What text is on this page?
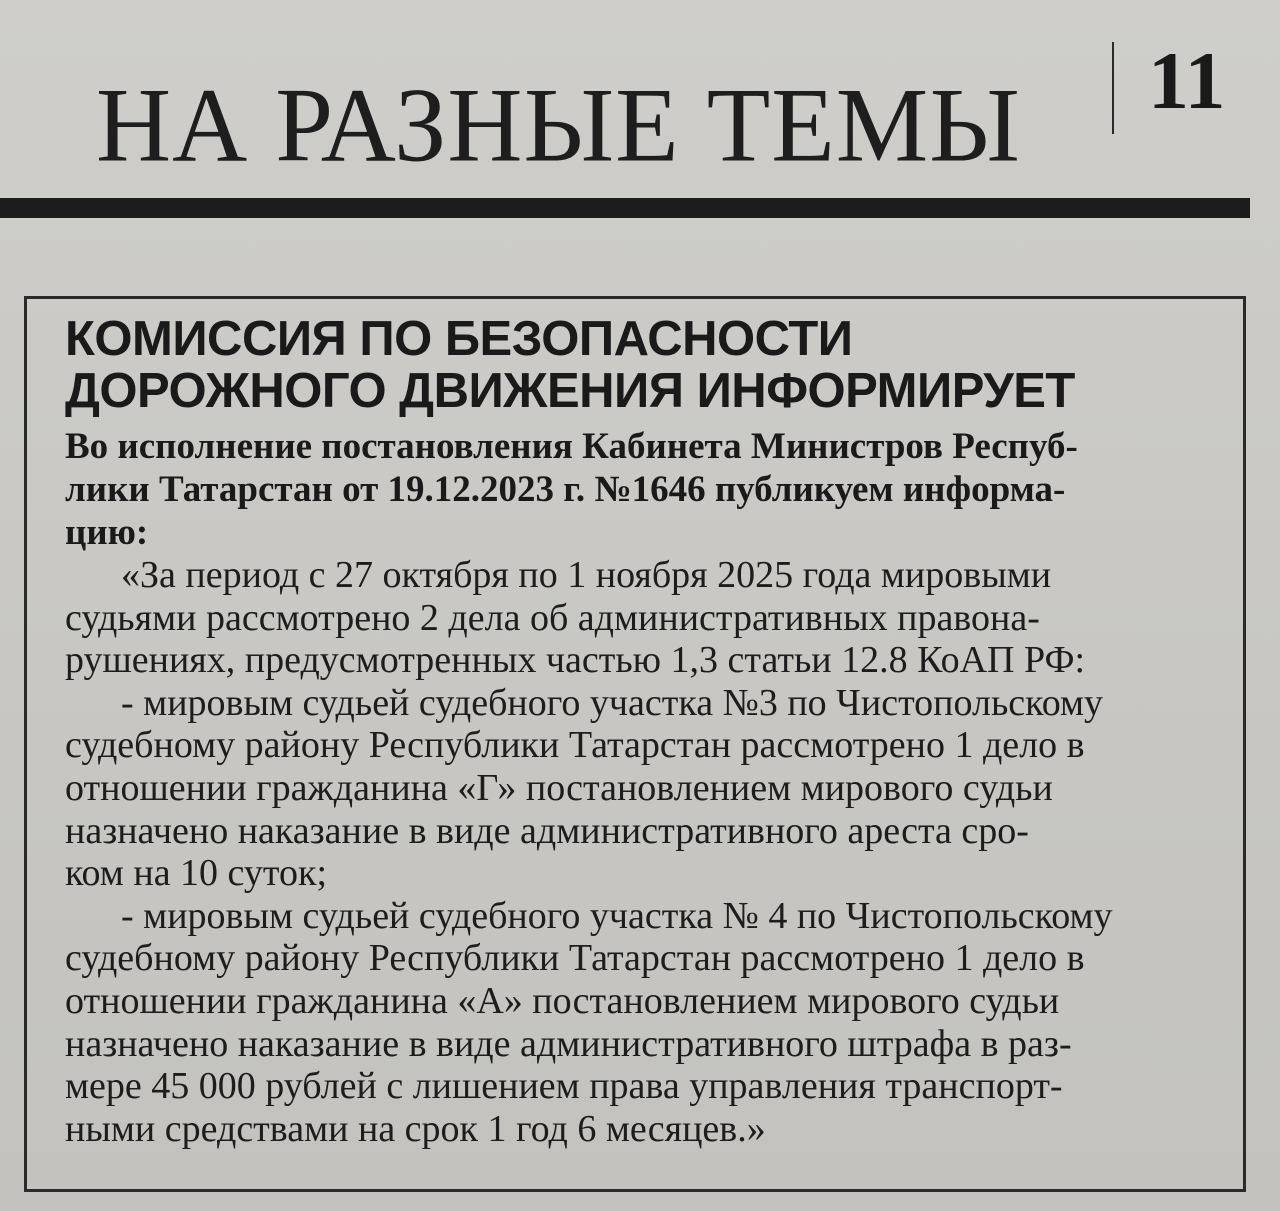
НА РАЗНЫЕ ТЕМЫ 11
КОМИССИЯ ПО БЕЗОПАСНОСТИ
ДОРОЖНОГО ДВИЖЕНИЯ ИНФОРМИРУЕТ
Во исполнение постановления Кабинета Министров Респуб-
лики Татарстан от 19.12.2023 г. №1646 публикуем информа-
цию:

«За период с 27 октября по 1 ноября 2025 года мировыми
судьями рассмотрено 2 дела об административных правона-
рушениях, предусмотренных частью 1,3 статьи 12.8 КоАП РФ:

- мировым судьей судебного участка №3 по Чистопольскому
судебному району Республики Татарстан рассмотрено 1 дело в
отношении гражданина «Г» постановлением мирового судьи
назначено наказание в виде административного ареста сро-
ком на 10 суток;

- мировым судьей судебного участка № 4 по Чистопольскому
судебному району Республики Татарстан рассмотрено 1 дело в
отношении гражданина «А» постановлением мирового судьи
назначено наказание в виде административного штрафа в раз-
мере 45 000 рублей с лишением права управления транспорт-
ными средствами на срок 1 год 6 месяцев.»
